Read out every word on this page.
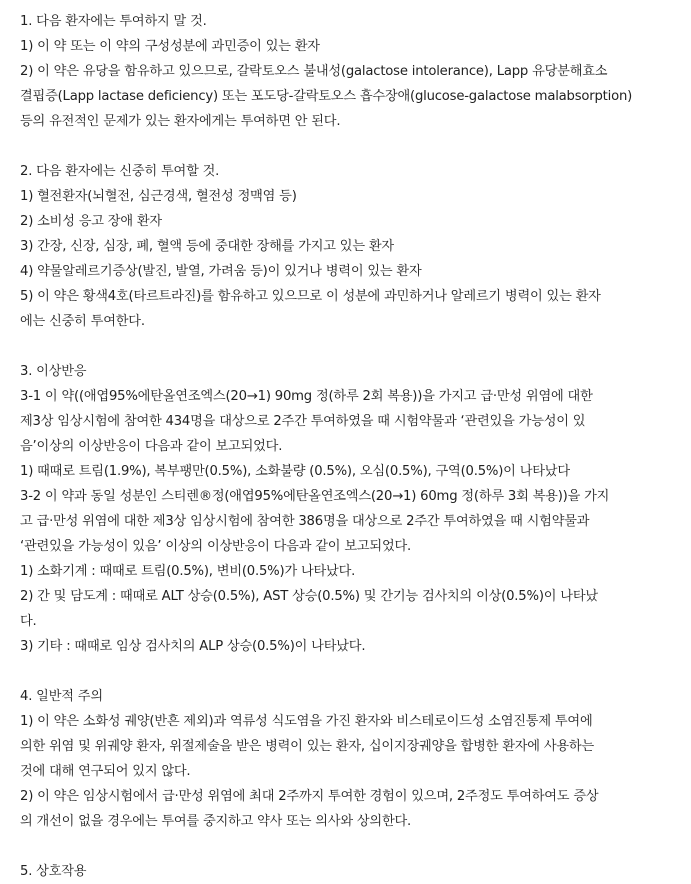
1. 다음 환자에는 투여하지 말 것.
1) 이 약 또는 이 약의 구성성분에 과민증이 있는 환자
2) 이 약은 유당을 함유하고 있으므로, 갈락토오스 불내성(galactose intolerance), Lapp 유당분해효소
결핍증(Lapp lactase deficiency) 또는 포도당-갈락토오스 흡수장애(glucose-galactose malabsorption)
등의 유전적인 문제가 있는 환자에게는 투여하면 안 된다.
2. 다음 환자에는 신중히 투여할 것.
1) 혈전환자(뇌혈전, 심근경색, 혈전성 정맥염 등)
2) 소비성 응고 장애 환자
3) 간장, 신장, 심장, 폐, 혈액 등에 중대한 장해를 가지고 있는 환자
4) 약물알레르기증상(발진, 발열, 가려움 등)이 있거나 병력이 있는 환자
5) 이 약은 황색4호(타르트라진)를 함유하고 있으므로 이 성분에 과민하거나 알레르기 병력이 있는 환자
에는 신중히 투여한다.
3. 이상반응
3-1 이 약((애엽95%에탄올연조엑스(20→1) 90mg 정(하루 2회 복용))을 가지고 급·만성 위염에 대한
제3상 임상시험에 참여한 434명을 대상으로 2주간 투여하였을 때 시험약물과 ‘관련있을 가능성이 있
음’이상의 이상반응이 다음과 같이 보고되었다.
1) 때때로 트림(1.9%), 복부팽만(0.5%), 소화불량 (0.5%), 오심(0.5%), 구역(0.5%)이 나타났다
3-2 이 약과 동일 성분인 스티렌®정(애엽95%에탄올연조엑스(20→1) 60mg 정(하루 3회 복용))을 가지
고 급·만성 위염에 대한 제3상 임상시험에 참여한 386명을 대상으로 2주간 투여하였을 때 시험약물과
‘관련있을 가능성이 있음’ 이상의 이상반응이 다음과 같이 보고되었다.
1) 소화기계 : 때때로 트림(0.5%), 변비(0.5%)가 나타났다.
2) 간 및 담도계 : 때때로 ALT 상승(0.5%), AST 상승(0.5%) 및 간기능 검사치의 이상(0.5%)이 나타났
다.
3) 기타 : 때때로 임상 검사치의 ALP 상승(0.5%)이 나타났다.
4. 일반적 주의
1) 이 약은 소화성 궤양(반흔 제외)과 역류성 식도염을 가진 환자와 비스테로이드성 소염진통제 투여에
의한 위염 및 위궤양 환자, 위절제술을 받은 병력이 있는 환자, 십이지장궤양을 합병한 환자에 사용하는
것에 대해 연구되어 있지 않다.
2) 이 약은 임상시험에서 급·만성 위염에 최대 2주까지 투여한 경험이 있으며, 2주정도 투여하여도 증상
의 개선이 없을 경우에는 투여를 중지하고 약사 또는 의사와 상의한다.
5. 상호작용
